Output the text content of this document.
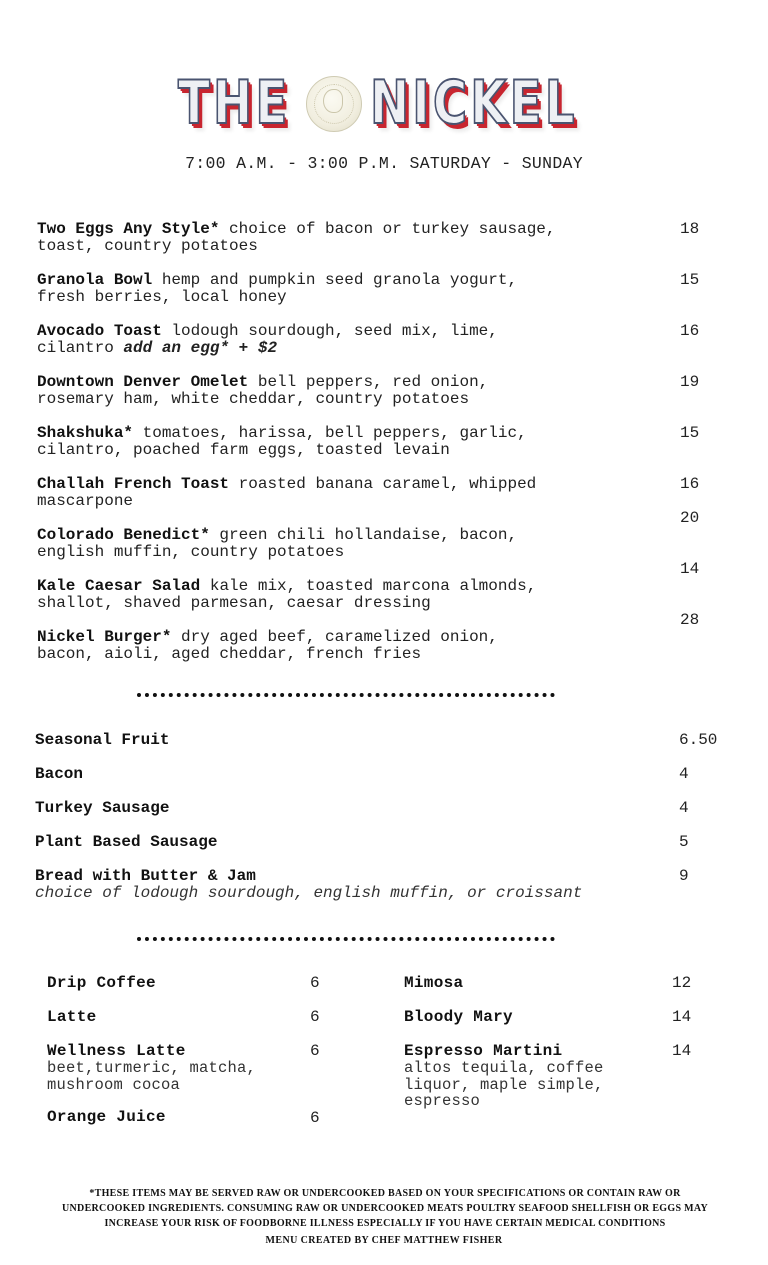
THE NICKEL
7:00 A.M. - 3:00 P.M. SATURDAY - SUNDAY
Two Eggs Any Style* choice of bacon or turkey sausage,
toast, country potatoes
18
Granola Bowl hemp and pumpkin seed granola yogurt,
fresh berries, local honey
15
Avocado Toast lodough sourdough, seed mix, lime,
cilantro add an egg* + $2
16
Downtown Denver Omelet bell peppers, red onion,
rosemary ham, white cheddar, country potatoes
19
Shakshuka* tomatoes, harissa, bell peppers, garlic,
cilantro, poached farm eggs, toasted levain
15
Challah French Toast roasted banana caramel, whipped
mascarpone
16
Colorado Benedict* green chili hollandaise, bacon,
english muffin, country potatoes
20
Kale Caesar Salad kale mix, toasted marcona almonds,
shallot, shaved parmesan, caesar dressing
14
Nickel Burger* dry aged beef, caramelized onion,
bacon, aioli, aged cheddar, french fries
28
Seasonal Fruit	6.50
Bacon	4
Turkey Sausage	4
Plant Based Sausage	5
Bread with Butter & Jam	9
choice of lodough sourdough, english muffin, or croissant
Drip Coffee	6
Latte	6
Wellness Latte	6
beet,turmeric, matcha, mushroom cocoa
Orange Juice	6
Mimosa	12
Bloody Mary	14
Espresso Martini	14
altos tequila, coffee liquor, maple simple, espresso
*THESE ITEMS MAY BE SERVED RAW OR UNDERCOOKED BASED ON YOUR SPECIFICATIONS OR CONTAIN RAW OR
UNDERCOOKED INGREDIENTS. CONSUMING RAW OR UNDERCOOKED MEATS POULTRY SEAFOOD SHELLFISH OR EGGS MAY
INCREASE YOUR RISK OF FOODBORNE ILLNESS ESPECIALLY IF YOU HAVE CERTAIN MEDICAL CONDITIONS
MENU CREATED BY CHEF MATTHEW FISHER
